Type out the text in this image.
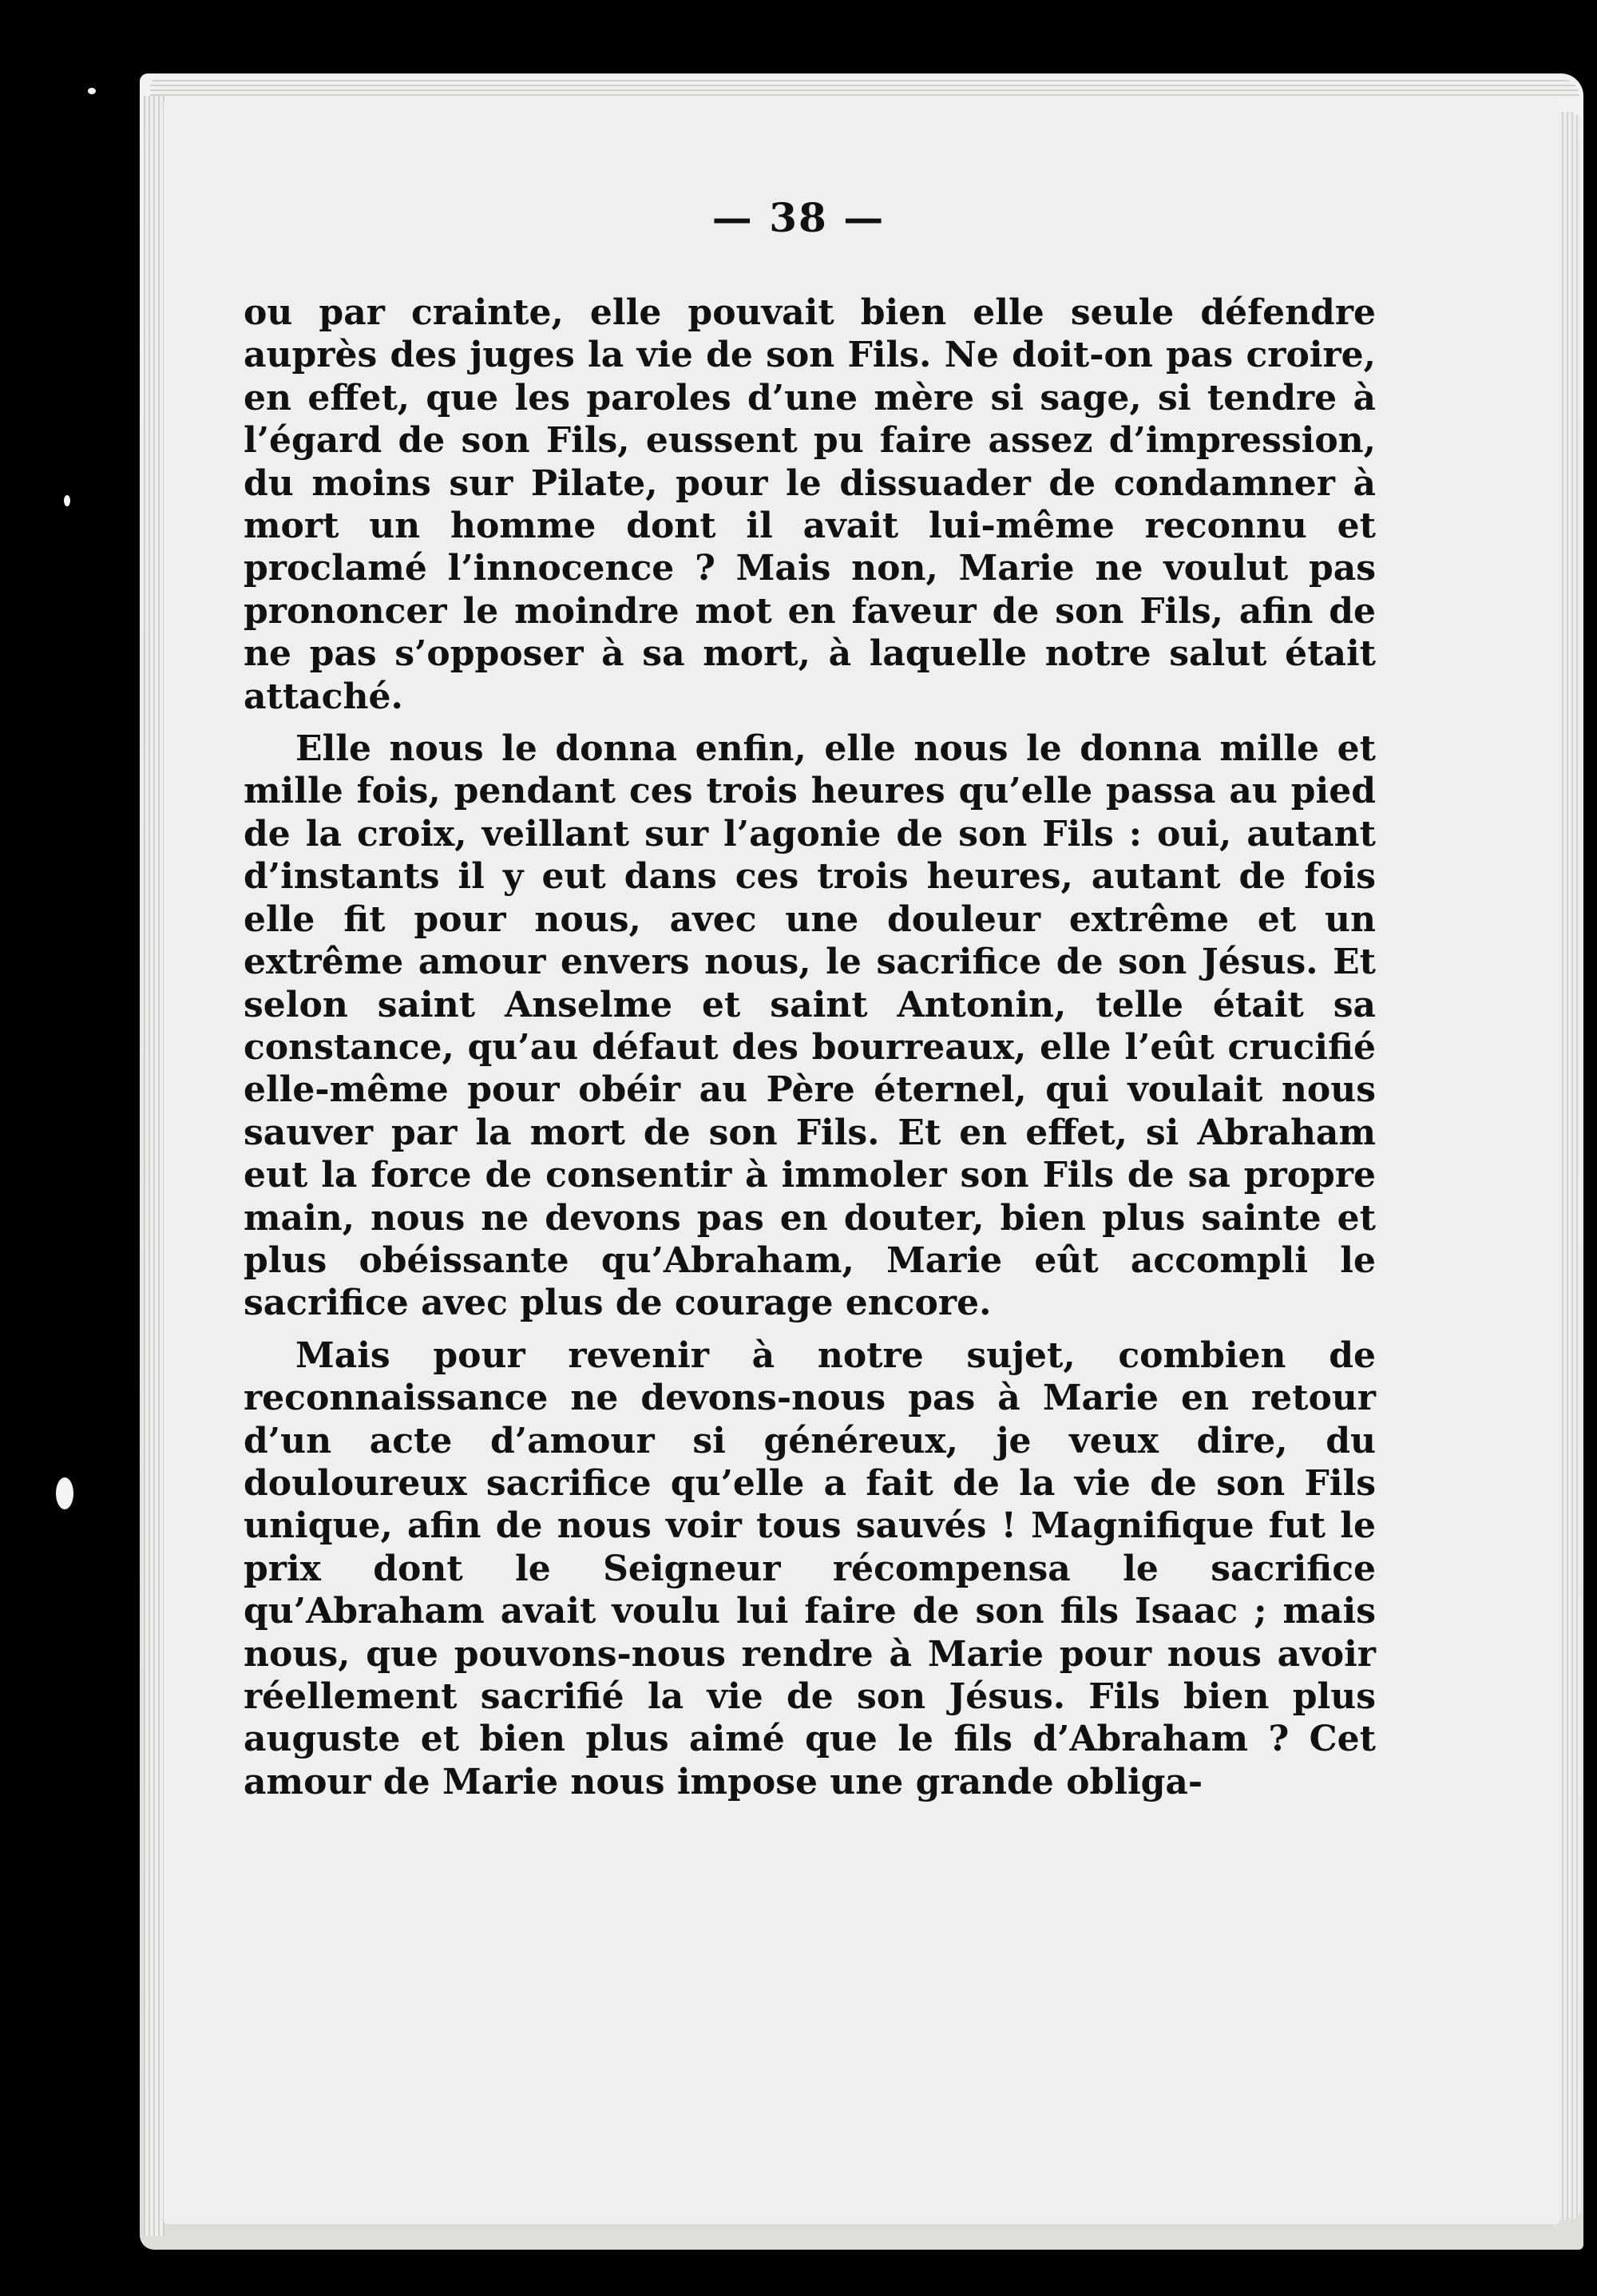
— 38 —

ou par crainte, elle pouvait bien elle seule défendre auprès des juges la vie de son Fils. Ne doit-on pas croire, en effet, que les paroles d’une mère si sage, si tendre à l’égard de son Fils, eussent pu faire assez d’impression, du moins sur Pilate, pour le dissuader de condamner à mort un homme dont il avait lui-même reconnu et proclamé l’innocence ? Mais non, Marie ne voulut pas prononcer le moindre mot en faveur de son Fils, afin de ne pas s’opposer à sa mort, à laquelle notre salut était attaché.

Elle nous le donna enfin, elle nous le donna mille et mille fois, pendant ces trois heures qu’elle passa au pied de la croix, veillant sur l’agonie de son Fils : oui, autant d’instants il y eut dans ces trois heures, autant de fois elle fit pour nous, avec une douleur extrême et un extrême amour envers nous, le sacrifice de son Jésus. Et selon saint Anselme et saint Antonin, telle était sa constance, qu’au défaut des bourreaux, elle l’eût crucifié elle-même pour obéir au Père éternel, qui voulait nous sauver par la mort de son Fils. Et en effet, si Abraham eut la force de consentir à immoler son Fils de sa propre main, nous ne devons pas en douter, bien plus sainte et plus obéissante qu’Abraham, Marie eût accompli le sacrifice avec plus de courage encore.

Mais pour revenir à notre sujet, combien de reconnaissance ne devons-nous pas à Marie en retour d’un acte d’amour si généreux, je veux dire, du douloureux sacrifice qu’elle a fait de la vie de son Fils unique, afin de nous voir tous sauvés ! Magnifique fut le prix dont le Seigneur récompensa le sacrifice qu’Abraham avait voulu lui faire de son fils Isaac ; mais nous, que pouvons-nous rendre à Marie pour nous avoir réellement sacrifié la vie de son Jésus. Fils bien plus auguste et bien plus aimé que le fils d’Abraham ? Cet amour de Marie nous impose une grande obliga-
